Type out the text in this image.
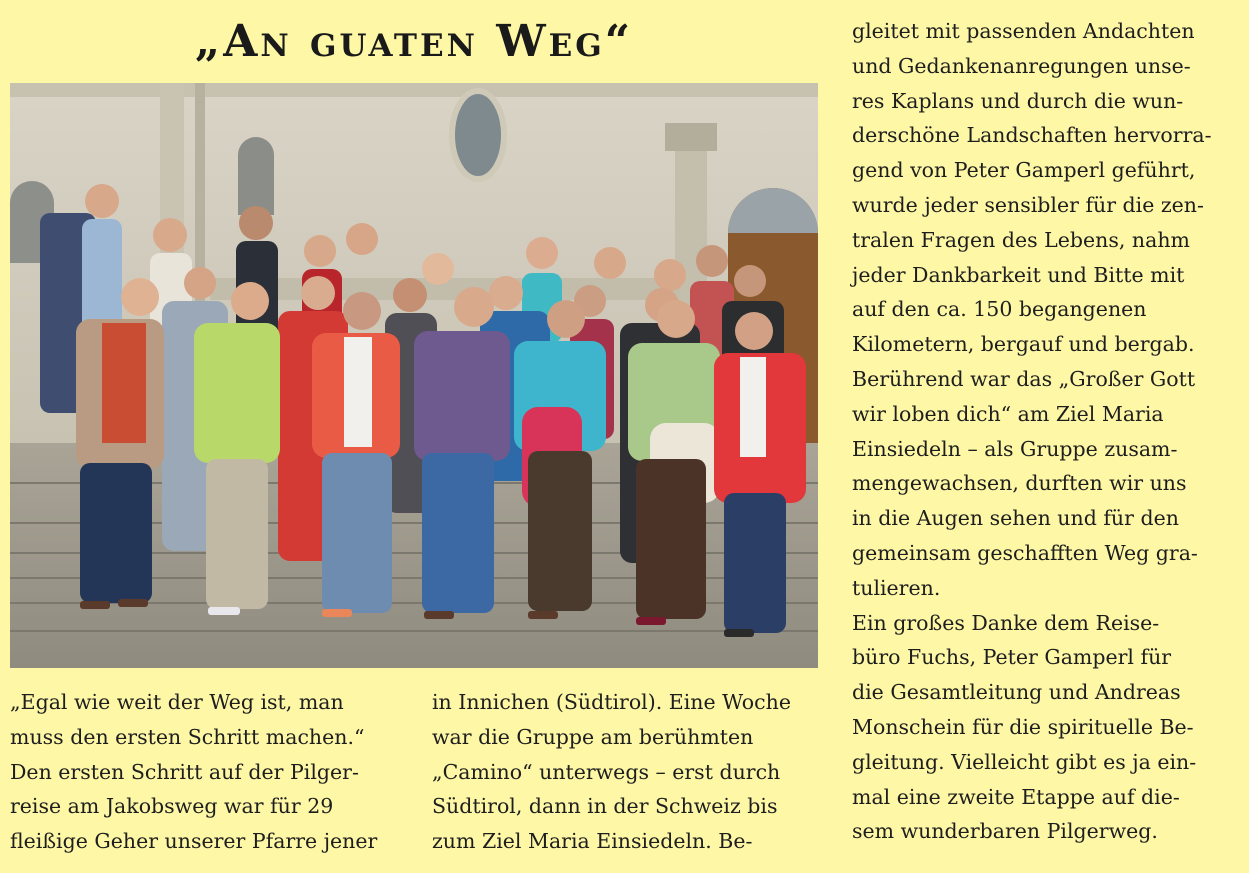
„An guaten Weg“

„Egal wie weit der Weg ist, man

muss den ersten Schritt machen.“

Den ersten Schritt auf der Pilger-

reise am Jakobsweg war für 29

fleißige Geher unserer Pfarre jener

in Innichen (Südtirol). Eine Woche

war die Gruppe am berühmten

„Camino“ unterwegs – erst durch

Südtirol, dann in der Schweiz bis

zum Ziel Maria Einsiedeln. Be-

gleitet mit passenden Andachten

und Gedankenanregungen unse-

res Kaplans und durch die wun-

derschöne Landschaften hervorra-

gend von Peter Gamperl geführt,

wurde jeder sensibler für die zen-

tralen Fragen des Lebens, nahm

jeder Dankbarkeit und Bitte mit

auf den ca. 150 begangenen

Kilometern, bergauf und bergab.

Berührend war das „Großer Gott

wir loben dich“ am Ziel Maria

Einsiedeln – als Gruppe zusam-

mengewachsen, durften wir uns

in die Augen sehen und für den

gemeinsam geschafften Weg gra-

tulieren.

Ein großes Danke dem Reise-

büro Fuchs, Peter Gamperl für

die Gesamtleitung und Andreas

Monschein für die spirituelle Be-

gleitung. Vielleicht gibt es ja ein-

mal eine zweite Etappe auf die-

sem wunderbaren Pilgerweg.
